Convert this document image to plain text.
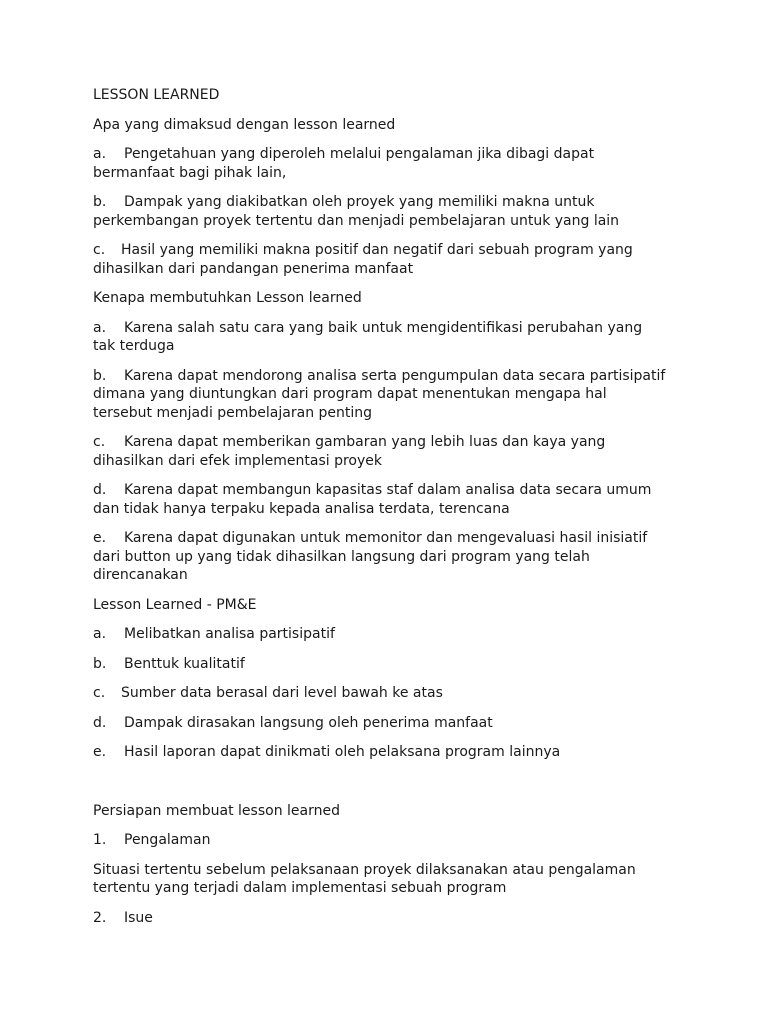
LESSON LEARNED
Apa yang dimaksud dengan lesson learned
a. Pengetahuan yang diperoleh melalui pengalaman jika dibagi dapat
bermanfaat bagi pihak lain,
b. Dampak yang diakibatkan oleh proyek yang memiliki makna untuk
perkembangan proyek tertentu dan menjadi pembelajaran untuk yang lain
c. Hasil yang memiliki makna positif dan negatif dari sebuah program yang
dihasilkan dari pandangan penerima manfaat
Kenapa membutuhkan Lesson learned
a. Karena salah satu cara yang baik untuk mengidentifikasi perubahan yang
tak terduga
b. Karena dapat mendorong analisa serta pengumpulan data secara partisipatif
dimana yang diuntungkan dari program dapat menentukan mengapa hal
tersebut menjadi pembelajaran penting
c. Karena dapat memberikan gambaran yang lebih luas dan kaya yang
dihasilkan dari efek implementasi proyek
d. Karena dapat membangun kapasitas staf dalam analisa data secara umum
dan tidak hanya terpaku kepada analisa terdata, terencana
e. Karena dapat digunakan untuk memonitor dan mengevaluasi hasil inisiatif
dari button up yang tidak dihasilkan langsung dari program yang telah
direncanakan
Lesson Learned - PM&E
a. Melibatkan analisa partisipatif
b. Benttuk kualitatif
c. Sumber data berasal dari level bawah ke atas
d. Dampak dirasakan langsung oleh penerima manfaat
e. Hasil laporan dapat dinikmati oleh pelaksana program lainnya
Persiapan membuat lesson learned
1. Pengalaman
Situasi tertentu sebelum pelaksanaan proyek dilaksanakan atau pengalaman
tertentu yang terjadi dalam implementasi sebuah program
2. Isue
